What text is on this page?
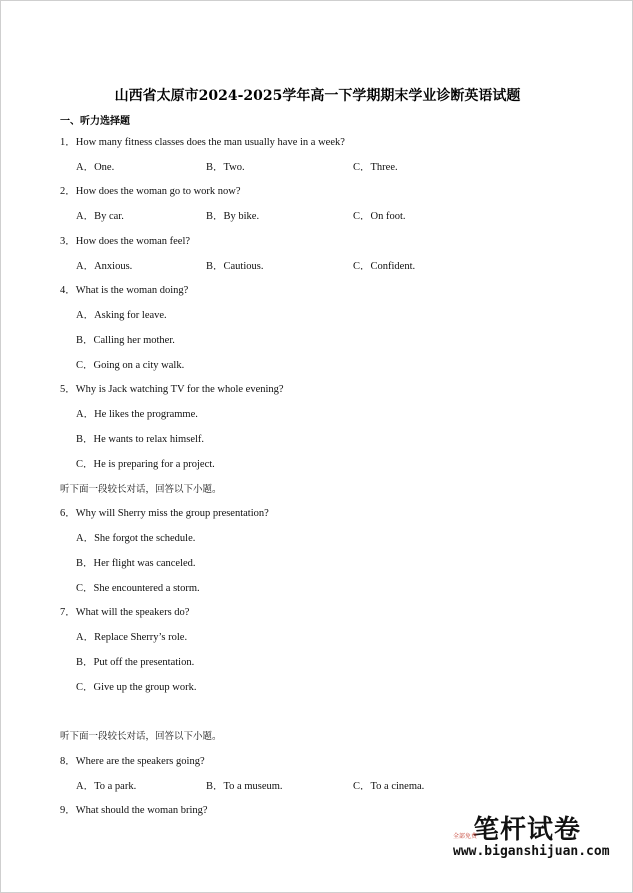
山西省太原市2024-2025学年高一下学期期末学业诊断英语试题
一、听力选择题
1．How many fitness classes does the man usually have in a week?
A．One.	B．Two.	C．Three.
2．How does the woman go to work now?
A．By car.	B．By bike.	C．On foot.
3．How does the woman feel?
A．Anxious.	B．Cautious.	C．Confident.
4．What is the woman doing?
A．Asking for leave.
B．Calling her mother.
C．Going on a city walk.
5．Why is Jack watching TV for the whole evening?
A．He likes the programme.
B．He wants to relax himself.
C．He is preparing for a project.
听下面一段较长对话，回答以下小题。
6．Why will Sherry miss the group presentation?
A．She forgot the schedule.
B．Her flight was canceled.
C．She encountered a storm.
7．What will the speakers do?
A．Replace Sherry’s role.
B．Put off the presentation.
C．Give up the group work.
听下面一段较长对话，回答以下小题。
8．Where are the speakers going?
A．To a park.	B．To a museum.	C．To a cinema.
9．What should the woman bring?
笔杆试卷
全部免费
www.biganshijuan.com
